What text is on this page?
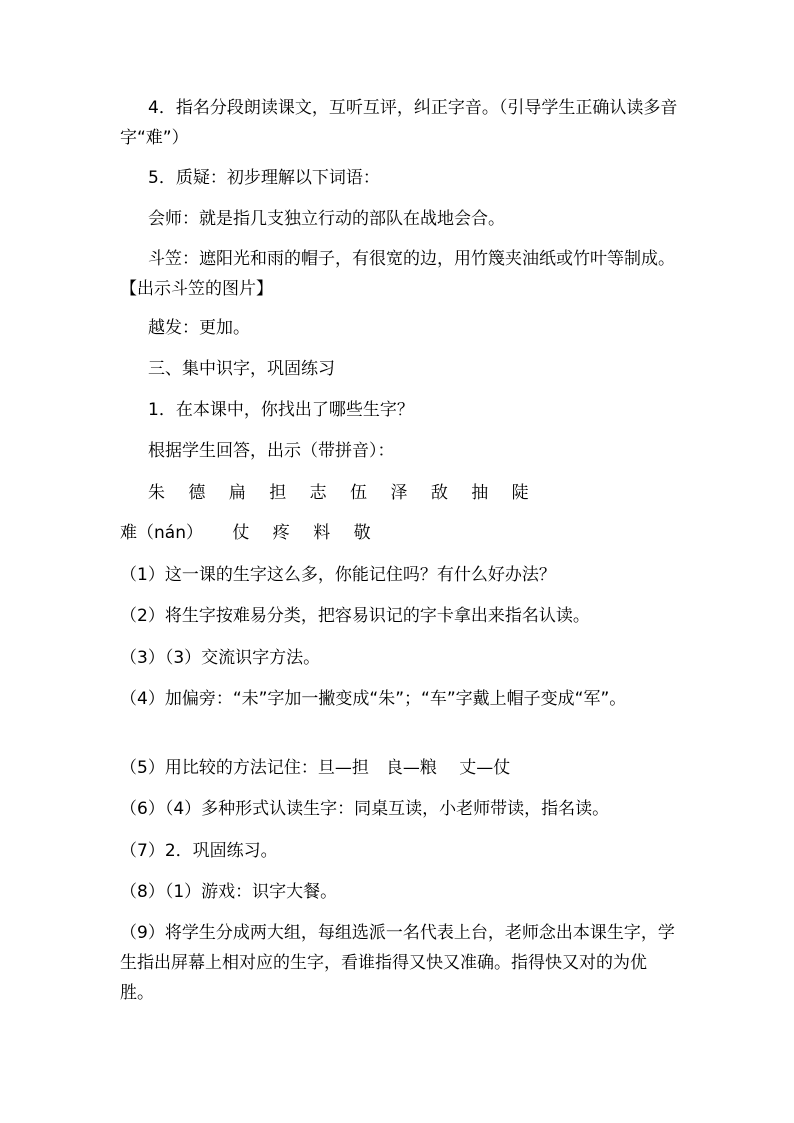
4．指名分段朗读课文，互听互评，纠正字音。（引导学生正确认读多音字“难”）
5．质疑：初步理解以下词语：
会师：就是指几支独立行动的部队在战地会合。
斗笠：遮阳光和雨的帽子，有很宽的边，用竹篾夹油纸或竹叶等制成。【出示斗笠的图片】
越发：更加。
三、集中识字，巩固练习
1．在本课中，你找出了哪些生字？
根据学生回答，出示（带拼音）：
朱 德 扁 担 志 伍 泽 敌 抽 陡
难（nán） 仗 疼 料 敬
（1）这一课的生字这么多，你能记住吗？有什么好办法？
（2）将生字按难易分类，把容易识记的字卡拿出来指名认读。
（3）（3）交流识字方法。
（4）加偏旁：“未”字加一撇变成“朱”；“车”字戴上帽子变成“军”。
（5）用比较的方法记住：旦—担　良—粮　 丈—仗
（6）（4）多种形式认读生字：同桌互读，小老师带读，指名读。
（7）2．巩固练习。
（8）（1）游戏：识字大餐。
（9）将学生分成两大组，每组选派一名代表上台，老师念出本课生字，学生指出屏幕上相对应的生字，看谁指得又快又准确。指得快又对的为优胜。
